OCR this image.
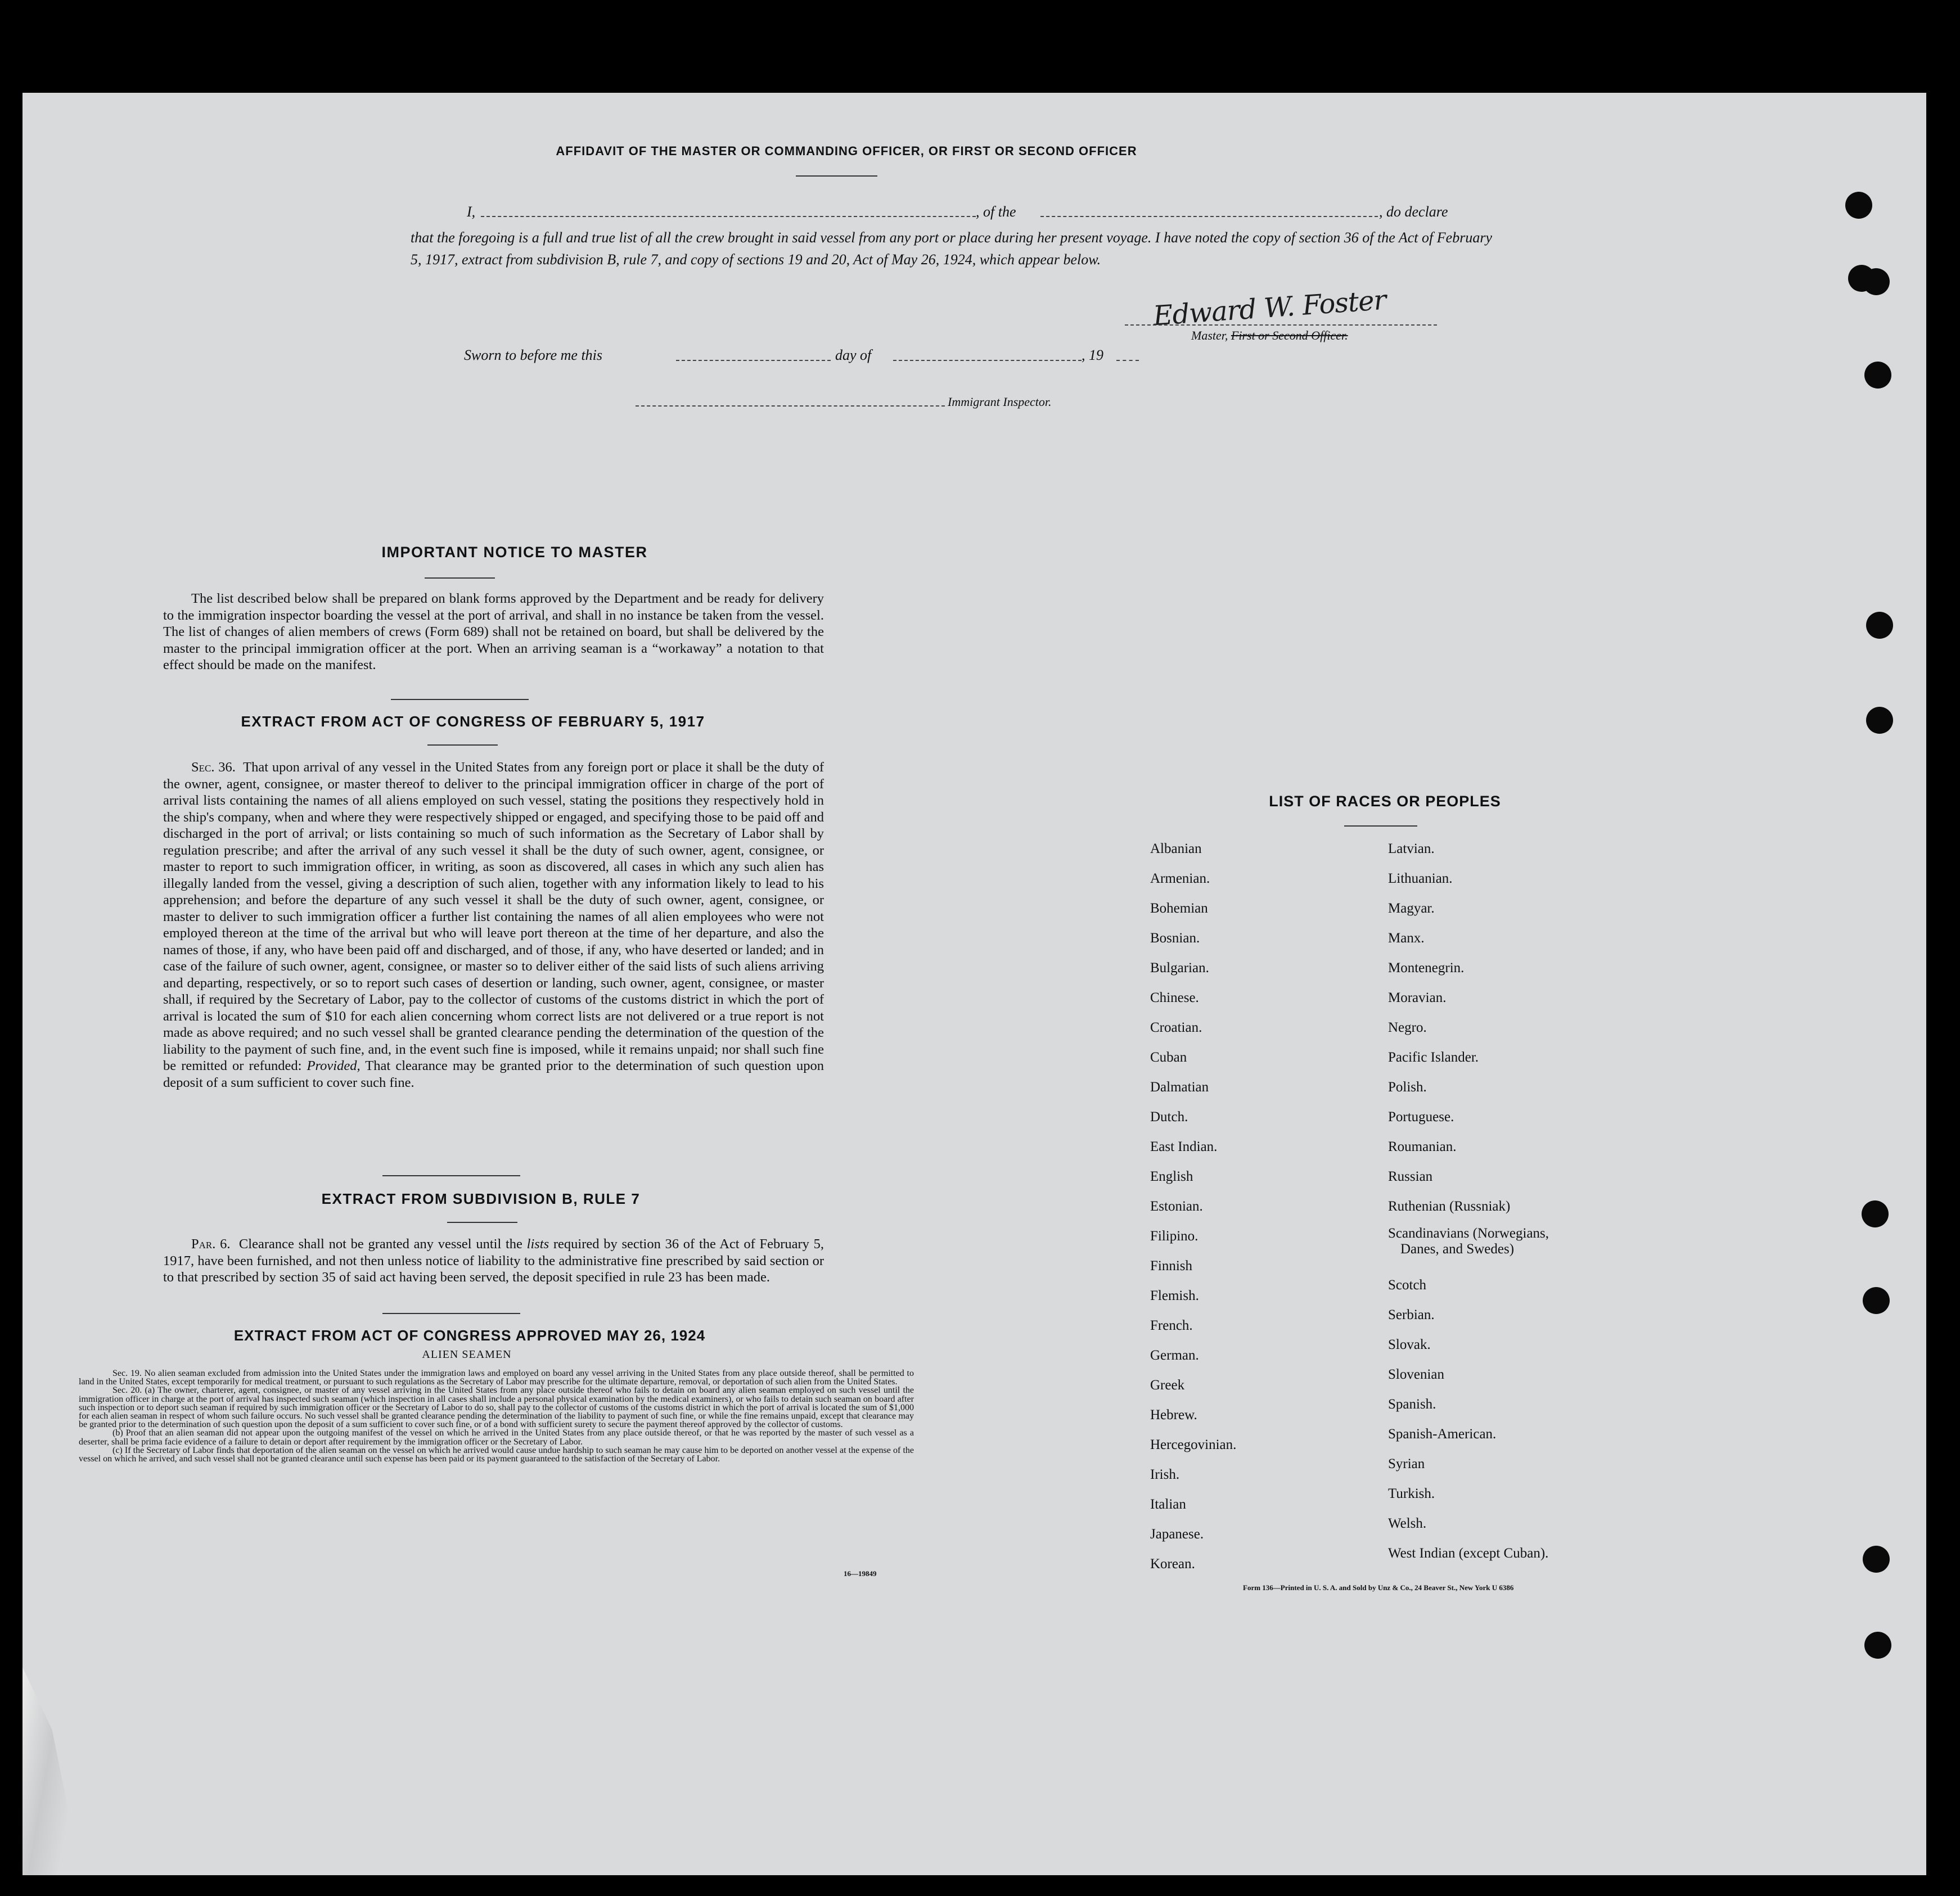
AFFIDAVIT OF THE MASTER OR COMMANDING OFFICER, OR FIRST OR SECOND OFFICER
I,	, of the	, do declare
that the foregoing is a full and true list of all the crew brought in said vessel from any port or place during her present voyage. I have noted the copy of section 36 of the Act of February 5, 1917, extract from subdivision B, rule 7, and copy of sections 19 and 20, Act of May 26, 1924, which appear below.
Edward W. Foster
Master, First or Second Officer.
Sworn to before me this	day of	, 19
Immigrant Inspector.
IMPORTANT NOTICE TO MASTER
The list described below shall be prepared on blank forms approved by the Department and be ready for delivery to the immigration inspector boarding the vessel at the port of arrival, and shall in no instance be taken from the vessel. The list of changes of alien members of crews (Form 689) shall not be retained on board, but shall be delivered by the master to the principal immigration officer at the port. When an arriving seaman is a “workaway” a notation to that effect should be made on the manifest.
EXTRACT FROM ACT OF CONGRESS OF FEBRUARY 5, 1917
Sec. 36. That upon arrival of any vessel in the United States from any foreign port or place it shall be the duty of the owner, agent, consignee, or master thereof to deliver to the principal immigration officer in charge of the port of arrival lists containing the names of all aliens employed on such vessel, stating the positions they respectively hold in the ship's company, when and where they were respectively shipped or engaged, and specifying those to be paid off and discharged in the port of arrival; or lists containing so much of such information as the Secretary of Labor shall by regulation prescribe; and after the arrival of any such vessel it shall be the duty of such owner, agent, consignee, or master to report to such immigration officer, in writing, as soon as discovered, all cases in which any such alien has illegally landed from the vessel, giving a description of such alien, together with any information likely to lead to his apprehension; and before the departure of any such vessel it shall be the duty of such owner, agent, consignee, or master to deliver to such immigration officer a further list containing the names of all alien employees who were not employed thereon at the time of the arrival but who will leave port thereon at the time of her departure, and also the names of those, if any, who have been paid off and discharged, and of those, if any, who have deserted or landed; and in case of the failure of such owner, agent, consignee, or master so to deliver either of the said lists of such aliens arriving and departing, respectively, or so to report such cases of desertion or landing, such owner, agent, consignee, or master shall, if required by the Secretary of Labor, pay to the collector of customs of the customs district in which the port of arrival is located the sum of $10 for each alien concerning whom correct lists are not delivered or a true report is not made as above required; and no such vessel shall be granted clearance pending the determination of the question of the liability to the payment of such fine, and, in the event such fine is imposed, while it remains unpaid; nor shall such fine be remitted or refunded: Provided, That clearance may be granted prior to the determination of such question upon deposit of a sum sufficient to cover such fine.
EXTRACT FROM SUBDIVISION B, RULE 7
Par. 6. Clearance shall not be granted any vessel until the lists required by section 36 of the Act of February 5, 1917, have been furnished, and not then unless notice of liability to the administrative fine prescribed by said section or to that prescribed by section 35 of said act having been served, the deposit specified in rule 23 has been made.
EXTRACT FROM ACT OF CONGRESS APPROVED MAY 26, 1924
ALIEN SEAMEN
Sec. 19. No alien seaman excluded from admission into the United States under the immigration laws and employed on board any vessel arriving in the United States from any place outside thereof, shall be permitted to land in the United States, except temporarily for medical treatment, or pursuant to such regulations as the Secretary of Labor may prescribe for the ultimate departure, removal, or deportation of such alien from the United States.
Sec. 20. (a) The owner, charterer, agent, consignee, or master of any vessel arriving in the United States from any place outside thereof who fails to detain on board any alien seaman employed on such vessel until the immigration officer in charge at the port of arrival has inspected such seaman (which inspection in all cases shall include a personal physical examination by the medical examiners), or who fails to detain such seaman on board after such inspection or to deport such seaman if required by such immigration officer or the Secretary of Labor to do so, shall pay to the collector of customs of the customs district in which the port of arrival is located the sum of $1,000 for each alien seaman in respect of whom such failure occurs. No such vessel shall be granted clearance pending the determination of the liability to payment of such fine, or while the fine remains unpaid, except that clearance may be granted prior to the determination of such question upon the deposit of a sum sufficient to cover such fine, or of a bond with sufficient surety to secure the payment thereof approved by the collector of customs.
(b) Proof that an alien seaman did not appear upon the outgoing manifest of the vessel on which he arrived in the United States from any place outside thereof, or that he was reported by the master of such vessel as a deserter, shall be prima facie evidence of a failure to detain or deport after requirement by the immigration officer or the Secretary of Labor.
(c) If the Secretary of Labor finds that deportation of the alien seaman on the vessel on which he arrived would cause undue hardship to such seaman he may cause him to be deported on another vessel at the expense of the vessel on which he arrived, and such vessel shall not be granted clearance until such expense has been paid or its payment guaranteed to the satisfaction of the Secretary of Labor.
16—19849
LIST OF RACES OR PEOPLES
Albanian
Armenian.
Bohemian
Bosnian.
Bulgarian.
Chinese.
Croatian.
Cuban
Dalmatian
Dutch.
East Indian.
English
Estonian.
Filipino.
Finnish
Flemish.
French.
German.
Greek
Hebrew.
Hercegovinian.
Irish.
Italian
Japanese.
Korean.
Latvian.
Lithuanian.
Magyar.
Manx.
Montenegrin.
Moravian.
Negro.
Pacific Islander.
Polish.
Portuguese.
Roumanian.
Russian
Ruthenian (Russniak)
Scandinavians (Norwegians,
Danes, and Swedes)
Scotch
Serbian.
Slovak.
Slovenian
Spanish.
Spanish-American.
Syrian
Turkish.
Welsh.
West Indian (except Cuban).
Form 136—Printed in U. S. A. and Sold by Unz & Co., 24 Beaver St., New York U 6386
